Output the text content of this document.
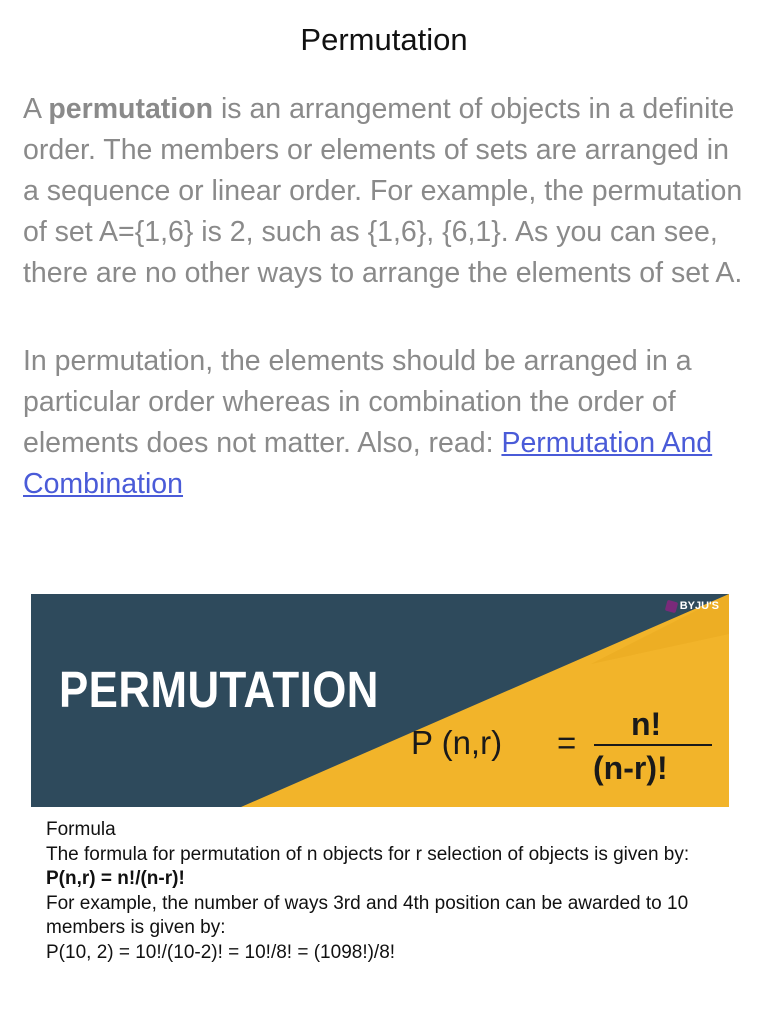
Permutation
A permutation is an arrangement of objects in a definite order. The members or elements of sets are arranged in a sequence or linear order. For example, the permutation of set A={1,6} is 2, such as {1,6}, {6,1}. As you can see, there are no other ways to arrange the elements of set A.
In permutation, the elements should be arranged in a particular order whereas in combination the order of elements does not matter. Also, read: Permutation And Combination
BYJU'S
PERMUTATION
P (n,r) = n!
(n-r)!
Formula
The formula for permutation of n objects for r selection of objects is given by:
P(n,r) = n!/(n-r)!
For example, the number of ways 3rd and 4th position can be awarded to 10 members is given by:
P(10, 2) = 10!/(10-2)! = 10!/8! = (1098!)/8!
